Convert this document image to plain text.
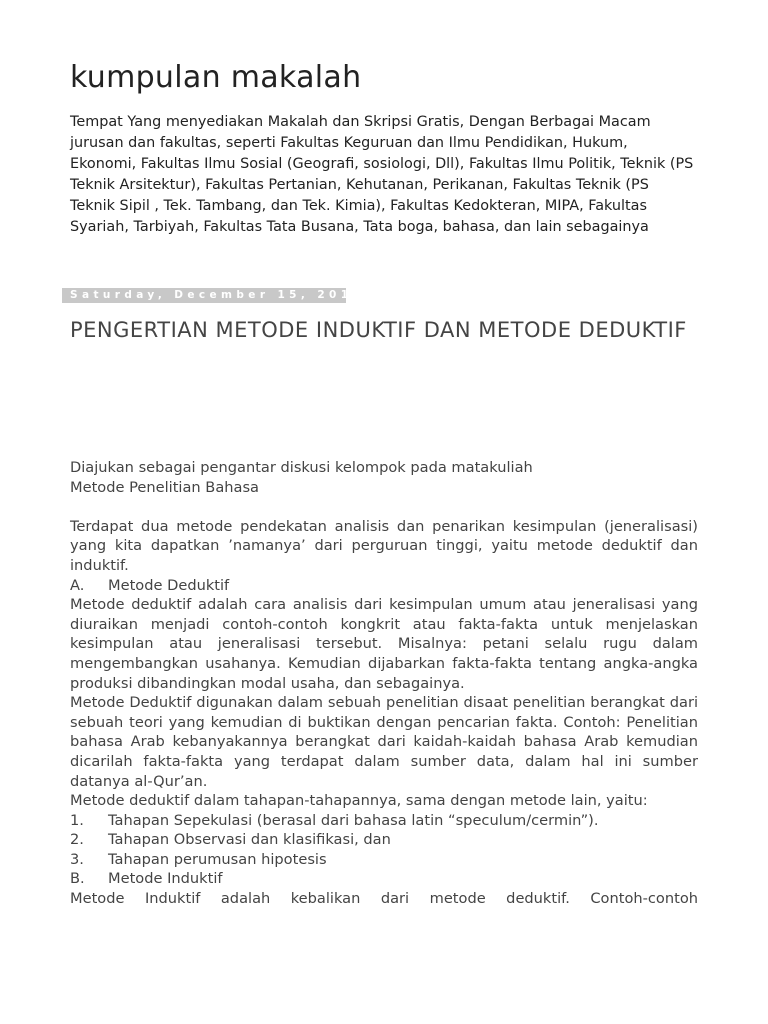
kumpulan makalah

Tempat Yang menyediakan Makalah dan Skripsi Gratis, Dengan Berbagai Macam jurusan dan fakultas, seperti Fakultas Keguruan dan Ilmu Pendidikan, Hukum, Ekonomi, Fakultas Ilmu Sosial (Geografi, sosiologi, Dll), Fakultas Ilmu Politik, Teknik (PS Teknik Arsitektur), Fakultas Pertanian, Kehutanan, Perikanan, Fakultas Teknik (PS Teknik Sipil , Tek. Tambang, dan Tek. Kimia), Fakultas Kedokteran, MIPA, Fakultas Syariah, Tarbiyah, Fakultas Tata Busana, Tata boga, bahasa, dan lain sebagainya

Saturday, December 15, 2012
PENGERTIAN METODE INDUKTIF DAN METODE DEDUKTIF

Diajukan sebagai pengantar diskusi kelompok pada matakuliah

Metode Penelitian Bahasa

Terdapat dua metode pendekatan analisis dan penarikan kesimpulan (jeneralisasi) yang kita dapatkan ’namanya’ dari perguruan tinggi, yaitu metode deduktif dan induktif.

A.	Metode Deduktif

Metode deduktif adalah cara analisis dari kesimpulan umum atau jeneralisasi yang diuraikan menjadi contoh-contoh kongkrit atau fakta-fakta untuk menjelaskan kesimpulan atau jeneralisasi tersebut. Misalnya: petani selalu rugu dalam mengembangkan usahanya. Kemudian dijabarkan fakta-fakta tentang angka-angka produksi dibandingkan modal usaha, dan sebagainya.

Metode Deduktif digunakan dalam sebuah penelitian disaat penelitian berangkat dari sebuah teori yang kemudian di buktikan dengan pencarian fakta. Contoh: Penelitian bahasa Arab kebanyakannya berangkat dari kaidah-kaidah bahasa Arab kemudian dicarilah fakta-fakta yang terdapat dalam sumber data, dalam hal ini sumber datanya al-Qur’an.

Metode deduktif dalam tahapan-tahapannya, sama dengan metode lain, yaitu:

1.	Tahapan Sepekulasi (berasal dari bahasa latin “speculum/cermin”).
2.	Tahapan Observasi dan klasifikasi, dan
3.	Tahapan perumusan hipotesis
B.	Metode Induktif

Metode Induktif adalah kebalikan dari metode deduktif. Contoh-contoh
